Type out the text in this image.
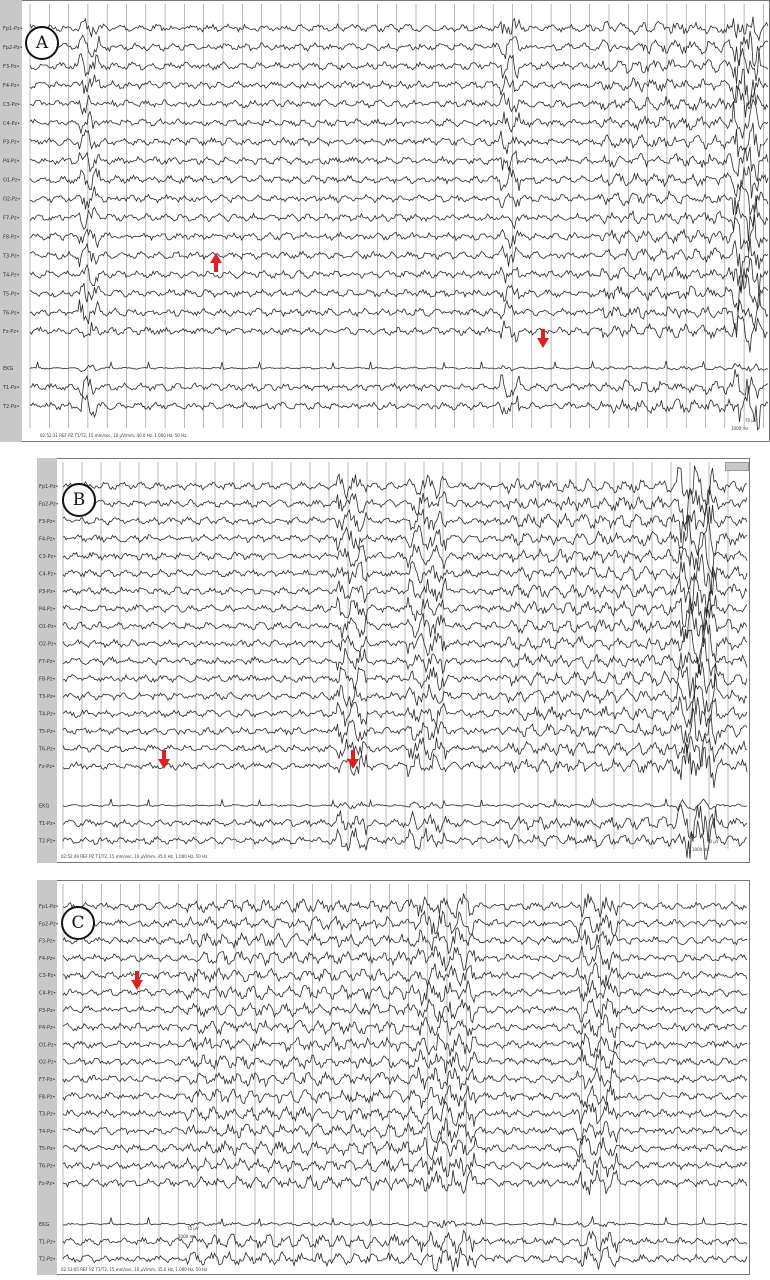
Fp1-Pz•
Fp2-Pz•
F3-Pz•
F4-Pz•
C3-Pz•
C4-Pz•
P3-Pz•
P4-Pz•
O1-Pz•
O2-Pz•
F7-Pz•
F8-Pz•
T3-Pz•
T4-Pz•
T5-Pz•
T6-Pz•
Fz-Pz•
EKG
T1-Pz•
T2-Pz•
A
02:52:31 REF PZ T1/T2, 15 mm/sec, 10 μV/mm, 40.0 Hz, 1.000 Hz, 50 Hz
70 μV
1000 ms
Fp1-Pz•
Fp2-Pz•
F3-Pz•
F4-Pz•
C3-Pz•
C4-Pz•
P3-Pz•
P4-Pz•
O1-Pz•
O2-Pz•
F7-Pz•
F8-Pz•
T3-Pz•
T4-Pz•
T5-Pz•
T6-Pz•
Fz-Pz•
EKG
T1-Pz•
T2-Pz•
B
02:52:49 REF PZ T1/T2, 15 mm/sec, 10 μV/mm, 35.0 Hz, 1.000 Hz, 50 Hz
70 μV
1000 ms
Fp1-Pz•
Fp2-Pz•
F3-Pz•
F4-Pz•
C3-Pz•
C4-Pz•
P3-Pz•
P4-Pz•
O1-Pz•
O2-Pz•
F7-Pz•
F8-Pz•
T3-Pz•
T4-Pz•
T5-Pz•
T6-Pz•
Fz-Pz•
EKG
T1-Pz•
T2-Pz•
C
02:53:05 REF PZ T1/T2, 15 mm/sec, 10 μV/mm, 35.0 Hz, 1.000 Hz, 50 Hz
70 μV
1000 ms
